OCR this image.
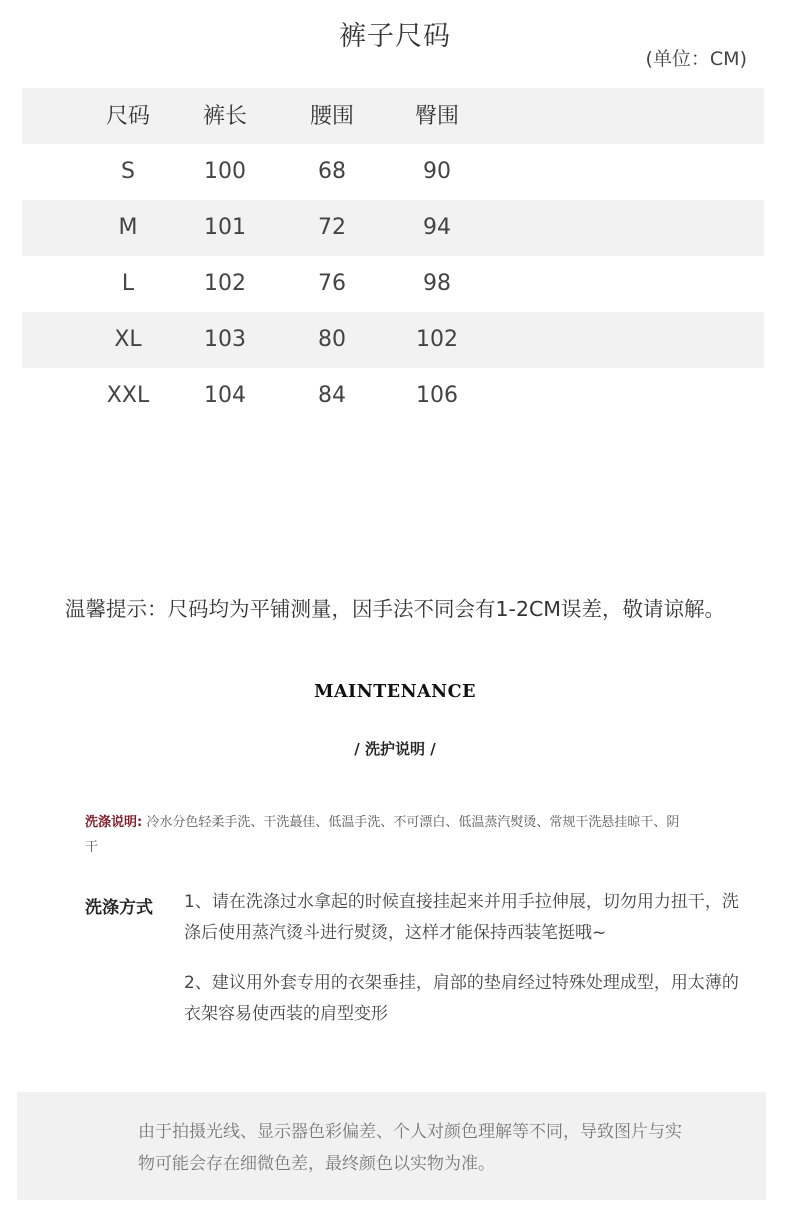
裤子尺码
(单位：CM)
尺码	裤长	腰围	臀围
S	100	68	90
M	101	72	94
L	102	76	98
XL	103	80	102
XXL	104	84	106
温馨提示：尺码均为平铺测量，因手法不同会有1-2CM误差，敬请谅解。
MAINTENANCE
/ 洗护说明 /
洗涤说明: 冷水分色轻柔手洗、干洗蕞佳、低温手洗、不可漂白、低温蒸汽熨烫、常规干洗悬挂晾干、阴干
洗涤方式 1、请在洗涤过水拿起的时候直接挂起来并用手拉伸展，切勿用力扭干，洗涤后使用蒸汽烫斗进行熨烫，这样才能保持西装笔挺哦~
2、建议用外套专用的衣架垂挂，肩部的垫肩经过特殊处理成型，用太薄的衣架容易使西装的肩型变形
由于拍摄光线、显示器色彩偏差、个人对颜色理解等不同，导致图片与实物可能会存在细微色差，最终颜色以实物为准。
